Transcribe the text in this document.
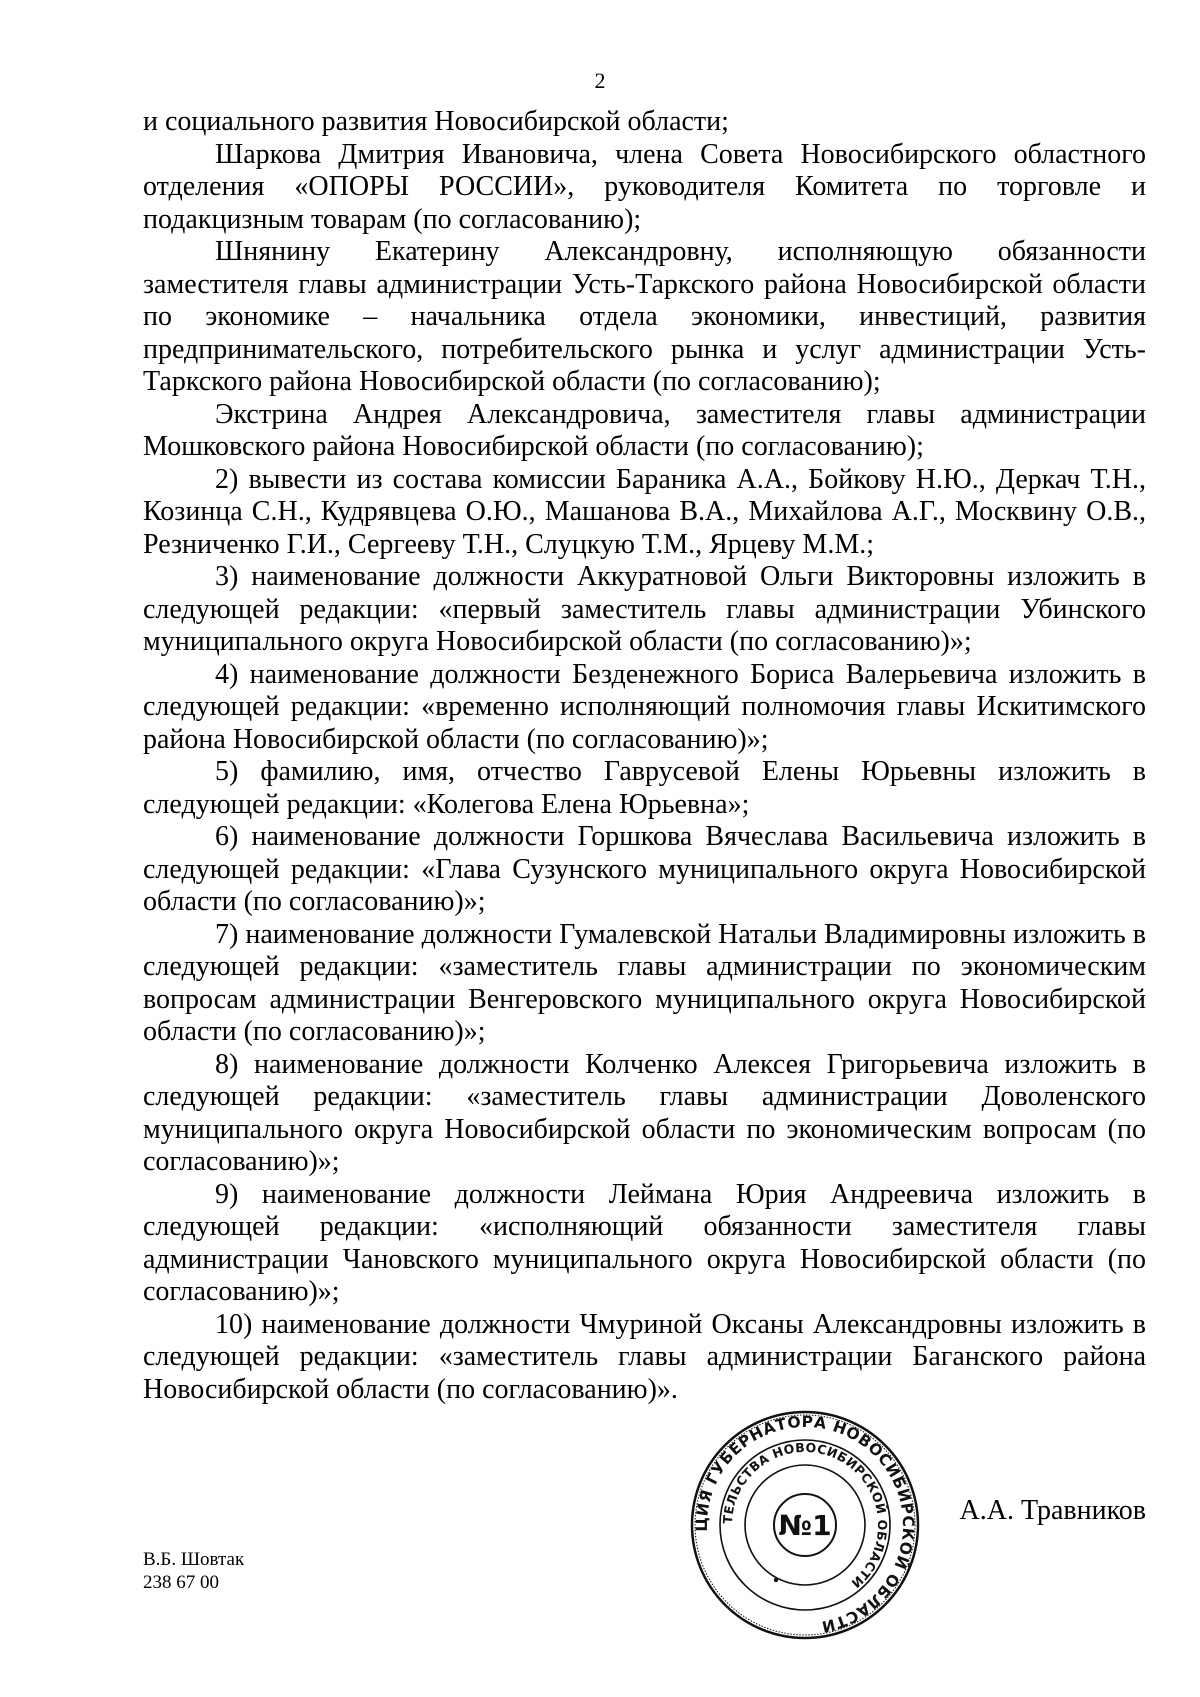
2

и социального развития Новосибирской области;

Шаркова Дмитрия Ивановича, члена Совета Новосибирского областного отделения «ОПОРЫ РОССИИ», руководителя Комитета по торговле и подакцизным товарам (по согласованию);

Шнянину Екатерину Александровну, исполняющую обязанности заместителя главы администрации Усть-Таркского района Новосибирской области по экономике – начальника отдела экономики, инвестиций, развития предпринимательского, потребительского рынка и услуг администрации Усть-Таркского района Новосибирской области (по согласованию);

Экстрина Андрея Александровича, заместителя главы администрации Мошковского района Новосибирской области (по согласованию);

2) вывести из состава комиссии Бараника А.А., Бойкову Н.Ю., Деркач Т.Н., Козинца С.Н., Кудрявцева О.Ю., Машанова В.А., Михайлова А.Г., Москвину О.В., Резниченко Г.И., Сергееву Т.Н., Слуцкую Т.М., Ярцеву М.М.;

3) наименование должности Аккуратновой Ольги Викторовны изложить в следующей редакции: «первый заместитель главы администрации Убинского муниципального округа Новосибирской области (по согласованию)»;

4) наименование должности Безденежного Бориса Валерьевича изложить в следующей редакции: «временно исполняющий полномочия главы Искитимского района Новосибирской области (по согласованию)»;

5) фамилию, имя, отчество Гаврусевой Елены Юрьевны изложить в следующей редакции: «Колегова Елена Юрьевна»;

6) наименование должности Горшкова Вячеслава Васильевича изложить в следующей редакции: «Глава Сузунского муниципального округа Новосибирской области (по согласованию)»;

7) наименование должности Гумалевской Натальи Владимировны изложить в следующей редакции: «заместитель главы администрации по экономическим вопросам администрации Венгеровского муниципального округа Новосибирской области (по согласованию)»;

8) наименование должности Колченко Алексея Григорьевича изложить в следующей редакции: «заместитель главы администрации Доволенского муниципального округа Новосибирской области по экономическим вопросам (по согласованию)»;

9) наименование должности Леймана Юрия Андреевича изложить в следующей редакции: «исполняющий обязанности заместителя главы администрации Чановского муниципального округа Новосибирской области (по согласованию)»;

10) наименование должности Чмуриной Оксаны Александровны изложить в следующей редакции: «заместитель главы администрации Баганского района Новосибирской области (по согласованию)».

ЦИЯ ГУБЕРНАТОРА НОВОСИБИРСКОЙ ОБЛАСТИ
ТЕЛЬСТВА НОВОСИБИРСКОЙ ОБЛАСТИ
№1	А.А. Травников
В.Б. Шовтак
238 67 00
